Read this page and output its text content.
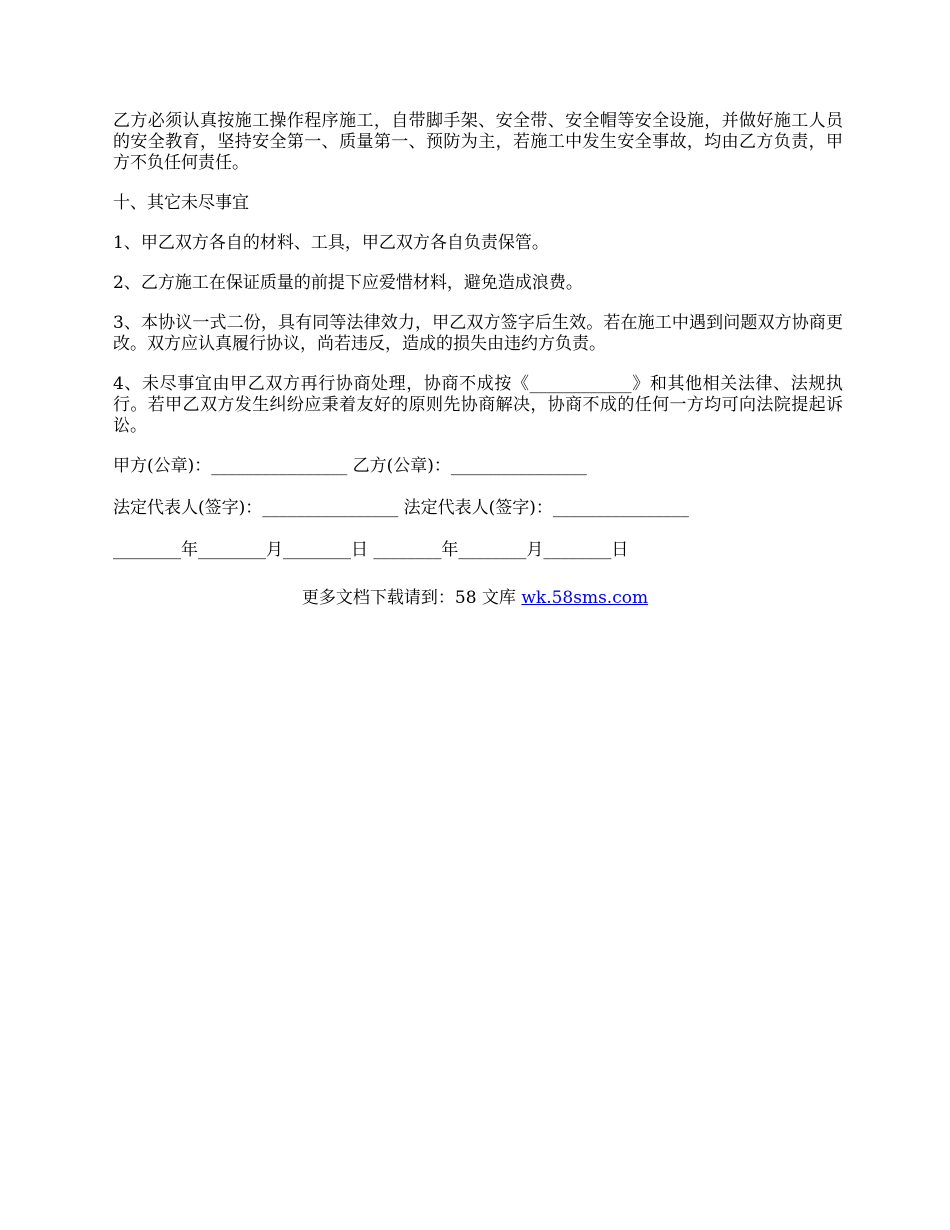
乙方必须认真按施工操作程序施工，自带脚手架、安全带、安全帽等安全设施，并做好施工人员的安全教育，坚持安全第一、质量第一、预防为主，若施工中发生安全事故，均由乙方负责，甲方不负任何责任。

十、其它未尽事宜

1、甲乙双方各自的材料、工具，甲乙双方各自负责保管。

2、乙方施工在保证质量的前提下应爱惜材料，避免造成浪费。

3、本协议一式二份，具有同等法律效力，甲乙双方签字后生效。若在施工中遇到问题双方协商更改。双方应认真履行协议，尚若违反，造成的损失由违约方负责。

4、未尽事宜由甲乙双方再行协商处理，协商不成按《____________》和其他相关法律、法规执行。若甲乙双方发生纠纷应秉着友好的原则先协商解决，协商不成的任何一方均可向法院提起诉讼。

甲方(公章)：________________ 乙方(公章)：________________

法定代表人(签字)：________________ 法定代表人(签字)：________________

________年________月________日 ________年________月________日

更多文档下载请到：58 文库 wk.58sms.com
